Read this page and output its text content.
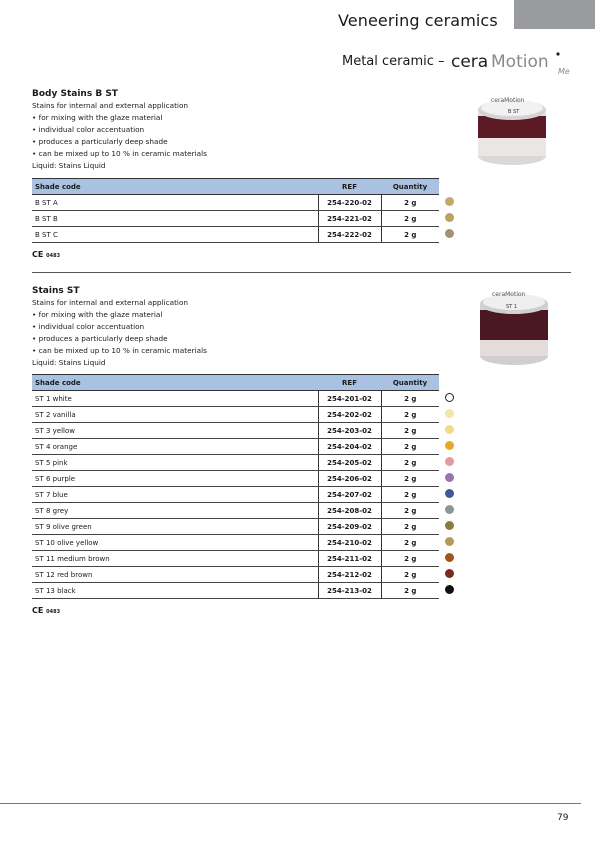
Veneering ceramics
Metal ceramic – cera Motion Me
Body Stains B ST
Stains for internal and external application
• for mixing with the glaze material
• individual color accentuation
• produces a particularly deep shade
• can be mixed up to 10 % in ceramic materials
Liquid: Stains Liquid
ceraMotion
B ST
A
Shade code	REF	Quantity
B ST A	254-220-02	2 g
B ST B	254-221-02	2 g
B ST C	254-222-02	2 g
CE 0483
Stains ST
Stains for internal and external application
• for mixing with the glaze material
• individual color accentuation
• produces a particularly deep shade
• can be mixed up to 10 % in ceramic materials
Liquid: Stains Liquid
ceraMotion
ST 1
white
Shade code	REF	Quantity
ST 1 white	254-201-02	2 g
ST 2 vanilla	254-202-02	2 g
ST 3 yellow	254-203-02	2 g
ST 4 orange	254-204-02	2 g
ST 5 pink	254-205-02	2 g
ST 6 purple	254-206-02	2 g
ST 7 blue	254-207-02	2 g
ST 8 grey	254-208-02	2 g
ST 9 olive green	254-209-02	2 g
ST 10 olive yellow	254-210-02	2 g
ST 11 medium brown	254-211-02	2 g
ST 12 red brown	254-212-02	2 g
ST 13 black	254-213-02	2 g
CE 0483
79
